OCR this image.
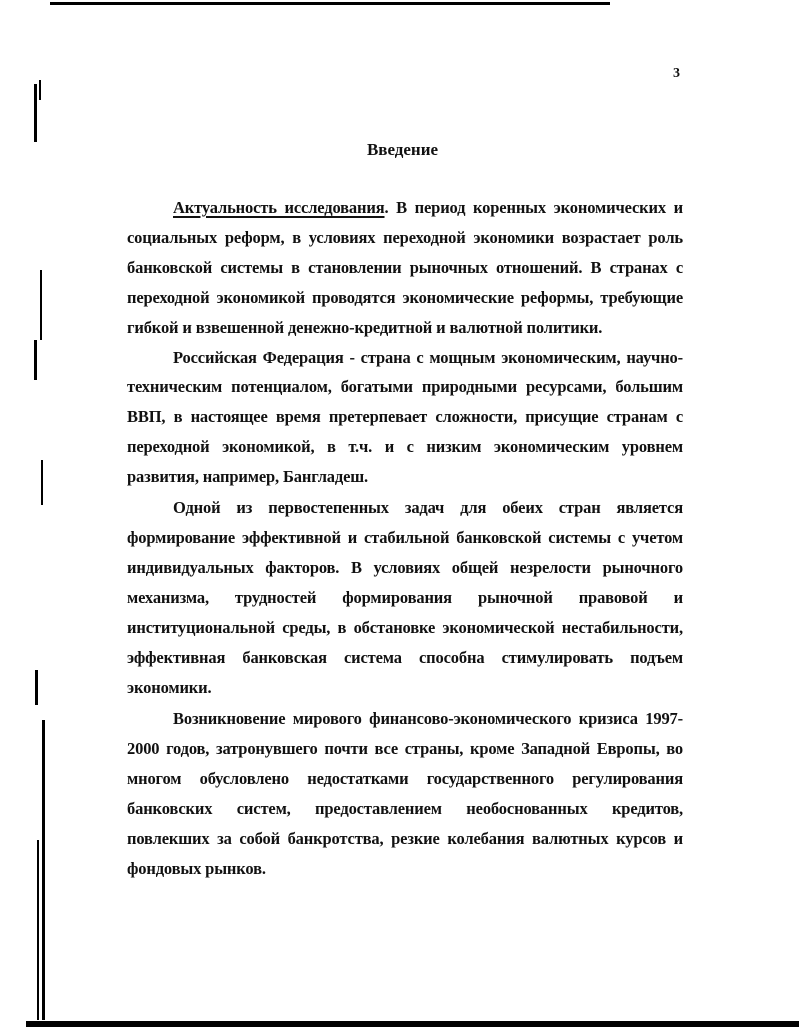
3
Введение

Актуальность исследования. В период коренных экономических и социальных реформ, в условиях переходной экономики возрастает роль банковской системы в становлении рыночных отношений. В странах с переходной экономикой проводятся экономические реформы, требующие гибкой и взвешенной денежно-кредитной и валютной политики.

Российская Федерация - страна с мощным экономическим, научно-техническим потенциалом, богатыми природными ресурсами, большим ВВП, в настоящее время претерпевает сложности, присущие странам с переходной экономикой, в т.ч. и с низким экономическим уровнем развития, например, Бангладеш.

Одной из первостепенных задач для обеих стран является формирование эффективной и стабильной банковской системы с учетом индивидуальных факторов. В условиях общей незрелости рыночного механизма, трудностей формирования рыночной правовой и институциональной среды, в обстановке экономической нестабильности, эффективная банковская система способна стимулировать подъем экономики.

Возникновение мирового финансово-экономического кризиса 1997-2000 годов, затронувшего почти все страны, кроме Западной Европы, во многом обусловлено недостатками государственного регулирования банковских систем, предоставлением необоснованных кредитов, повлекших за собой банкротства, резкие колебания валютных курсов и фондовых рынков.
